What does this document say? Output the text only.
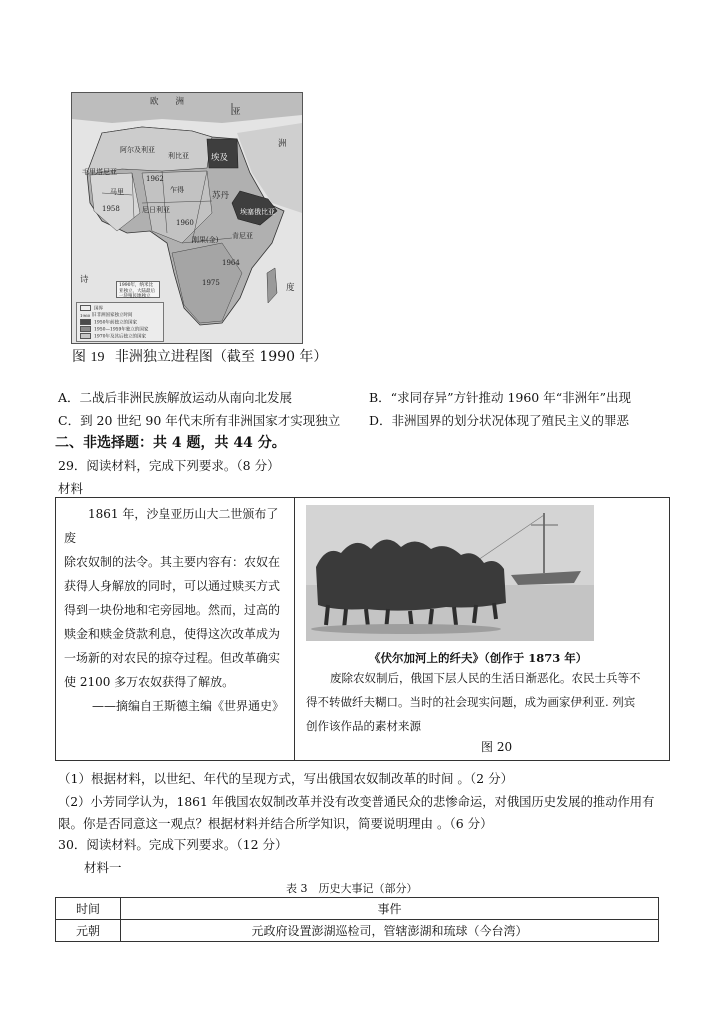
欧　　洲
亚
洲
阿尔及利亚
利比亚	埃及
毛里塔尼亚
马里	乍得
苏丹
尼日利亚	埃塞俄比亚
肯尼亚
刚果(金)
1962
1960
1958
1975
1964
诗
度
1990年，纳米比亚独立，大陆最后一块殖民地独立
国界
1960 旧非洲国家独立时间
1950年前独立的国家
1950—1959年独立的国家
1970年及其后独立的国家
图 19 非洲独立进程图（截至 1990 年）
A．二战后非洲民族解放运动从南向北发展	B．“求同存异”方针推动 1960 年“非洲年”出现
C．到 20 世纪 90 年代末所有非洲国家才实现独立 D．非洲国界的划分状况体现了殖民主义的罪恶
二、非选择题：共 4 题，共 44 分。
29．阅读材料，完成下列要求。（8 分）
材料

1861 年，沙皇亚历山大二世颁布了废

除农奴制的法令。其主要内容有：农奴在

获得人身解放的同时，可以通过赎买方式

得到一块份地和宅旁园地。然而，过高的

赎金和赎金贷款利息，使得这次改革成为

一场新的对农民的掠夺过程。但改革确实

使 2100 多万农奴获得了解放。

——摘编自王斯德主编《世界通史》

《伏尔加河上的纤夫》（创作于 1873 年）

废除农奴制后，俄国下层人民的生活日渐恶化。农民士兵等不

得不转做纤夫糊口。当时的社会现实问题，成为画家伊利亚. 列宾

创作该作品的素材来源

图 20
（1）根据材料，以世纪、年代的呈现方式，写出俄国农奴制改革的时间 。（2 分）
（2）小芳同学认为，1861 年俄国农奴制改革并没有改变普通民众的悲惨命运，对俄国历史发展的推动作用有
限。你是否同意这一观点？根据材料并结合所学知识，简要说明理由 。（6 分）
30．阅读材料。完成下列要求。（12 分）
材料一
表 3　历史大事记（部分）
时间	事件
元朝	元政府设置澎湖巡检司，管辖澎湖和琉球（今台湾）
